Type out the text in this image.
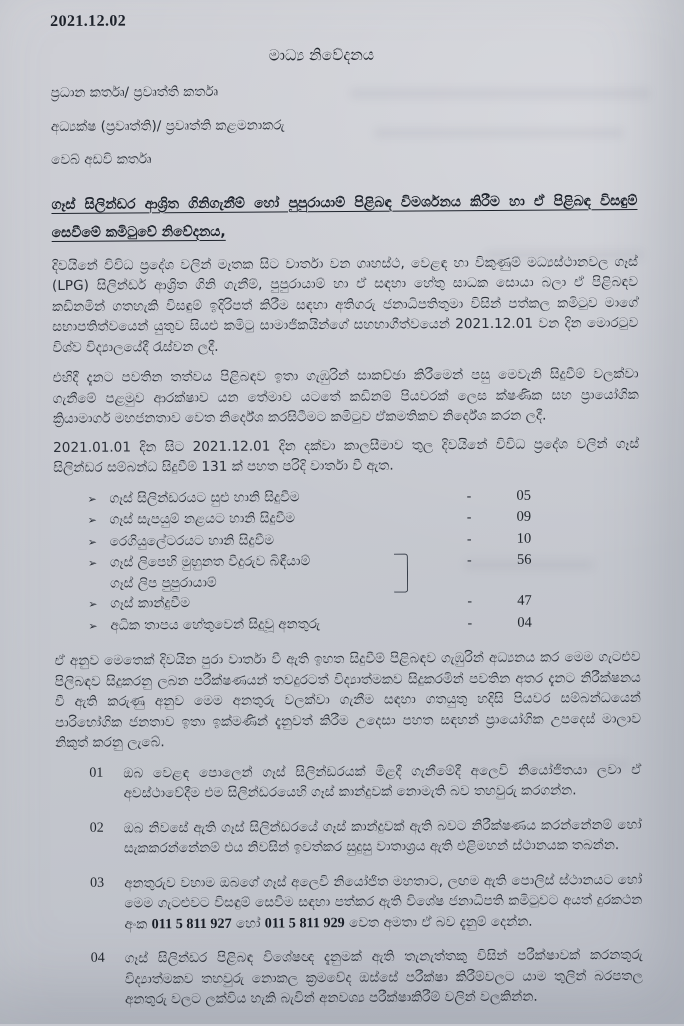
2021.12.02
මාධ්‍ය නිවේදනය

ප්‍රධාන කර්තෘ/ ප්‍රවෘත්ති කර්තෘ

අධ්‍යක්ෂ (ප්‍රවෘත්ති)/ ප්‍රවෘත්ති කළමනාකරු

වෙබ් අඩවි කර්තෘ

ගෑස් සිලින්ඩර ආශ්‍රිත ගිනිගැනීම් හෝ පුපුරායාම් පිළිබඳ විමර්ශනය කිරීම හා ඒ පිළිබඳ විසඳුම් සෙවීමේ කමිටුවේ නිවේදනය,

දිවයිනේ විවිධ ප්‍රදේශ වලින් මෑතක සිට වාර්තා වන ගෘහස්ථ, වෙළඳ හා විකුණුම් මධ්‍යස්ථානවල ගෑස් (LPG) සිලින්ඩර් ආශ්‍රිත ගිනි ගැනීම්, පුපුරායාම් හා ඒ සඳහා හේතු සාධක සොයා බලා ඒ පිළිබඳව කඩිනමින් ගතහැකි විසඳුම් ඉදිරිපත් කිරීම සඳහා අතිගරු ජනාධිපතිතුමා විසින් පත්කල කමිටුව මාගේ සභාපතිත්වයෙන් යුතුව සියළු කමිටු සාමාජිකයින්ගේ සහභාගීත්වයෙන් 2021.12.01 වන දින මොරටුව විශ්ව විද්‍යාලයේදී රැස්වන ලදී.

එහිදී දැනට පවතින තත්වය පිළිබඳව ඉතා ගැඹුරින් සාකච්ඡා කිරීමෙන් පසු මෙවැනි සිදුවීම් වලක්වා ගැනීමේ පළමුව ආරක්ෂාව යන තේමාව යටතේ කඩිනම් පියවරක් ලෙස ක්ෂණික සහ ප්‍රායෝගික ක්‍රියාමාර්ග මහජනතාව වෙත නිර්දේශ කරසිටීමට කමිටුව ඒකමතිකව නිර්දේශ කරන ලදී.

2021.01.01 දින සිට 2021.12.01 දින දක්වා කාලසීමාව තුල දිවයිනේ විවිධ ප්‍රදේශ වලින් ගෑස් සිලින්ඩර සම්බන්ධ සිදුවීම් 131 ක් පහත පරිදි වාර්තා වී ඇත.

➢ ගෑස් සිලින්ඩරයට සුළු හානි සිදුවීම	-	05
➢ ගෑස් සැපයුම් නළයට හානි සිදුවීම	-	09
➢ රෙගියුලේටරයට හානි සිදුවීම	-	10
➢ ගෑස් ලිපෙහි මුහුනත වීදුරුව බිඳීයාම්
ගෑස් ලිප පුපුරායාම්
-	56
➢ ගෑස් කාන්දුවීම	-	47
➢ අධික තාපය හේතුවෙන් සිදුවූ අනතුරු	-	04

ඒ අනුව මෙතෙක් දිවයින පුරා වාර්තා වී ඇති ඉහත සිදුවීම් පිළිබඳව ගැඹුරින් අධ්‍යනය කර මෙම ගැටළුව පිලිබඳව සිදුකරනු ලබන පරීක්ෂණයන් තවදුරටත් විද්‍යාත්මකව සිදුකරමින් පවතින අතර දැනට නිරීක්ෂනය වී ඇති කරුණු අනුව මෙම අනතුරු වලක්වා ගැනීම සඳහා ගතයුතු හදිසි පියවර සම්බන්ධයෙන් පාරිභෝගික ජනතාව ඉතා ඉක්මණින් දැනුවත් කිරීම උදෙසා පහත සඳහන් ප්‍රායෝගික උපදෙස් මාලාව නිකුත් කරනු ලැබේ.

01	ඔබ වෙළඳ පොලෙන් ගෑස් සිලින්ඩරයක් මිළදී ගැනීමේදී අලෙවි නියෝජිතයා ලවා ඒ අවස්ථාවේදීම එම සිලින්ඩරයෙහි ගෑස් කාන්දුවක් නොමැති බව තහවුරු කරගන්න.
02	ඔබ නිවසේ ඇති ගෑස් සිලින්ඩරයේ ගෑස් කාන්දුවක් ඇති බවට නිරීක්ෂණය කරන්නේනම් හෝ සැකකරන්නේනම් එය නිවසින් ඉවත්කර සුදුසු වාතාශ්‍රය ඇති එළිමහන් ස්ථානයක තබන්න.
03	අනතුරුව වහාම ඔබගේ ගෑස් අලෙවි නියෝජිත මහතාට, ලඟම ඇති පොලිස් ස්ථානයට හෝ මෙම ගැටළුවට විසඳුම් සෙවීම සඳහා පත්කර ඇති විශේෂ ජනාධිපති කමිටුවට අයත් දුරකථන අංක 011 5 811 927 හෝ 011 5 811 929 වෙත අමතා ඒ බව දැනුම් දෙන්න.
04	ගෑස් සිලින්ඩර පිළිබඳ විශේෂඥ දැනුමක් ඇති තැනැත්තකු විසින් පරීක්ෂාවක් කරනතුරු විද්‍යාත්මකව තහවුරු නොකල ක්‍රමවේද ඔස්සේ පරීක්ෂා කිරීම්වලට යාම තුලින් බරපතල අනතුරු වලට ලක්විය හැකි බැවින් අනවශ්‍ය පරීක්ෂාකිරීම් වලින් වලකින්න.
